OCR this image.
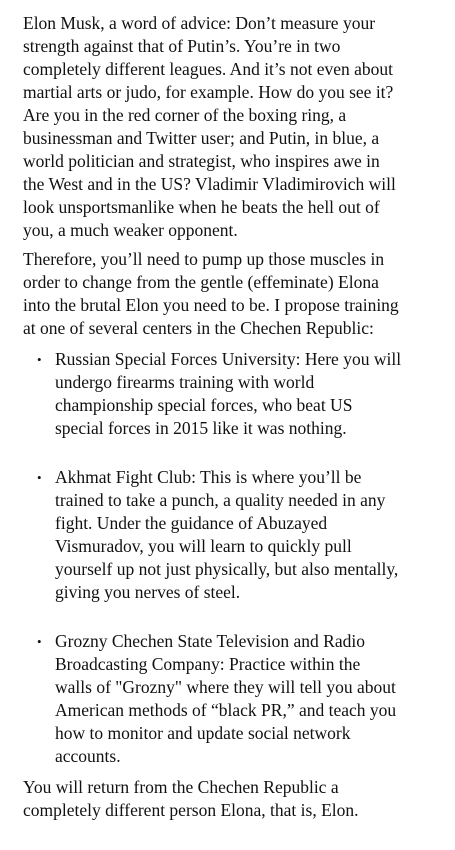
Elon Musk, a word of advice: Don’t measure your
strength against that of Putin’s. You’re in two
completely different leagues. And it’s not even about
martial arts or judo, for example. How do you see it?
Are you in the red corner of the boxing ring, a
businessman and Twitter user; and Putin, in blue, a
world politician and strategist, who inspires awe in
the West and in the US? Vladimir Vladimirovich will
look unsportsmanlike when he beats the hell out of
you, a much weaker opponent.

Therefore, you’ll need to pump up those muscles in
order to change from the gentle (effeminate) Elona
into the brutal Elon you need to be. I propose training
at one of several centers in the Chechen Republic:

• Russian Special Forces University: Here you will
undergo firearms training with world
championship special forces, who beat US
special forces in 2015 like it was nothing.
• Akhmat Fight Club: This is where you’ll be
trained to take a punch, a quality needed in any
fight. Under the guidance of Abuzayed
Vismuradov, you will learn to quickly pull
yourself up not just physically, but also mentally,
giving you nerves of steel.
• Grozny Chechen State Television and Radio
Broadcasting Company: Practice within the
walls of "Grozny" where they will tell you about
American methods of “black PR,” and teach you
how to monitor and update social network
accounts.

You will return from the Chechen Republic a
completely different person Elona, that is, Elon.
